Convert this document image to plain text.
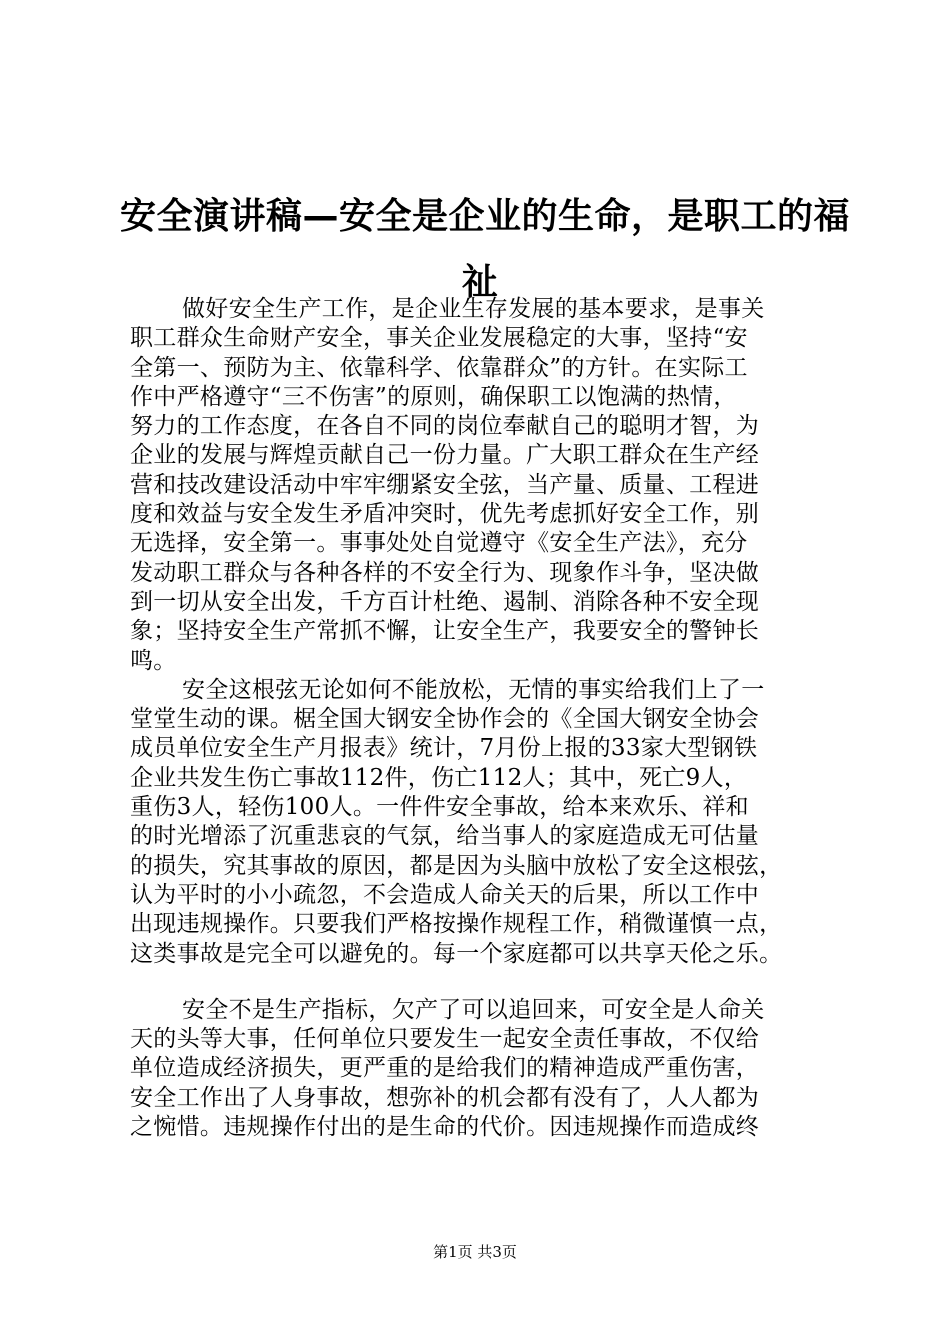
安全演讲稿—安全是企业的生命，是职工的福
祉
做好安全生产工作，是企业生存发展的基本要求，是事关
职工群众生命财产安全，事关企业发展稳定的大事，坚持“安
全第一、预防为主、依靠科学、依靠群众”的方针。在实际工
作中严格遵守“三不伤害”的原则，确保职工以饱满的热情，
努力的工作态度，在各自不同的岗位奉献自己的聪明才智，为
企业的发展与辉煌贡献自己一份力量。广大职工群众在生产经
营和技改建设活动中牢牢绷紧安全弦，当产量、质量、工程进
度和效益与安全发生矛盾冲突时，优先考虑抓好安全工作，别
无选择，安全第一。事事处处自觉遵守《安全生产法》，充分
发动职工群众与各种各样的不安全行为、现象作斗争，坚决做
到一切从安全出发，千方百计杜绝、遏制、消除各种不安全现
象；坚持安全生产常抓不懈，让安全生产，我要安全的警钟长
鸣。
安全这根弦无论如何不能放松，无情的事实给我们上了一
堂堂生动的课。椐全国大钢安全协作会的《全国大钢安全协会
成员单位安全生产月报表》统计，7月份上报的33家大型钢铁
企业共发生伤亡事故112件，伤亡112人；其中，死亡9人，
重伤3人，轻伤100人。一件件安全事故，给本来欢乐、祥和
的时光增添了沉重悲哀的气氛，给当事人的家庭造成无可估量
的损失，究其事故的原因，都是因为头脑中放松了安全这根弦，
认为平时的小小疏忽，不会造成人命关天的后果，所以工作中
出现违规操作。只要我们严格按操作规程工作，稍微谨慎一点，
这类事故是完全可以避免的。每一个家庭都可以共享天伦之乐。
安全不是生产指标，欠产了可以追回来，可安全是人命关
天的头等大事，任何单位只要发生一起安全责任事故，不仅给
单位造成经济损失，更严重的是给我们的精神造成严重伤害，
安全工作出了人身事故，想弥补的机会都有没有了，人人都为
之惋惜。违规操作付出的是生命的代价。因违规操作而造成终
第1页 共3页
